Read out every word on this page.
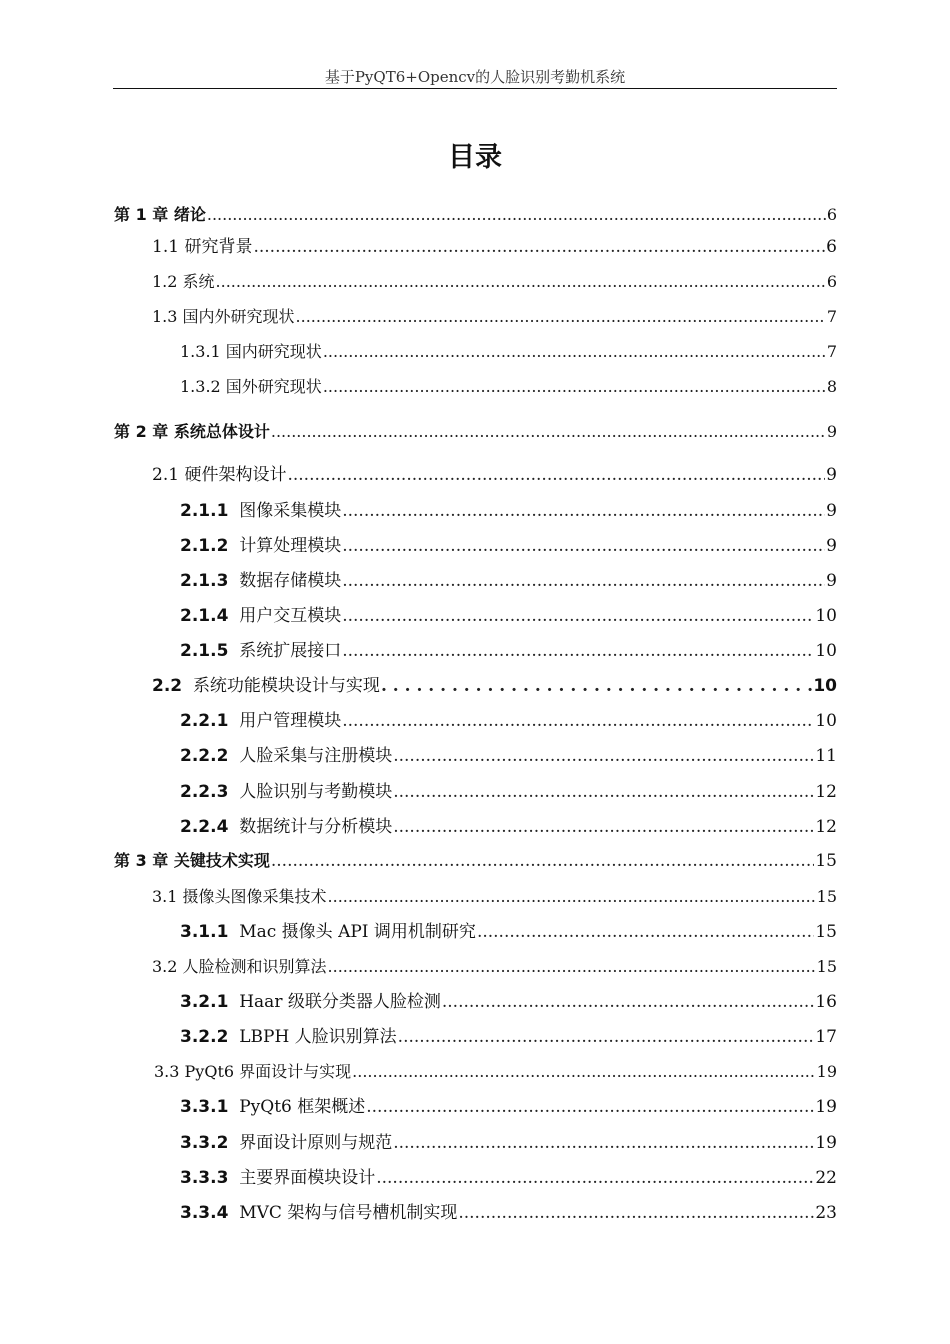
基于PyQT6+Opencv的人脸识别考勤机系统
目录
第 1 章 绪论 .....	6
1.1 研究背景 .....	6
1.2 系统 .....	6
1.3 国内外研究现状 .....	7
1.3.1 国内研究现状 .....	7
1.3.2 国外研究现状 .....	8
第 2 章 系统总体设计 .....	9
2.1 硬件架构设计 .....	9
2.1.1 图像采集模块 .....	9
2.1.2 计算处理模块 .....	9
2.1.3 数据存储模块 .....	9
2.1.4 用户交互模块 .....	10
2.1.5 系统扩展接口 .....	10
2.2 系统功能模块设计与实现 . . .	10
2.2.1 用户管理模块 .....	10
2.2.2 人脸采集与注册模块 .....	11
2.2.3 人脸识别与考勤模块 .....	12
2.2.4 数据统计与分析模块 .....	12
第 3 章 关键技术实现 .....	15
3.1 摄像头图像采集技术 .....	15
3.1.1 Mac 摄像头 API 调用机制研究 .....	15
3.2 人脸检测和识别算法 .....	15
3.2.1 Haar 级联分类器人脸检测 .....	16
3.2.2 LBPH 人脸识别算法 .....	17
3.3 PyQt6 界面设计与实现 .....	19
3.3.1 PyQt6 框架概述 .....	19
3.3.2 界面设计原则与规范 .....	19
3.3.3 主要界面模块设计 .....	22
3.3.4  MVC 架构与信号槽机制实现 .....	23
